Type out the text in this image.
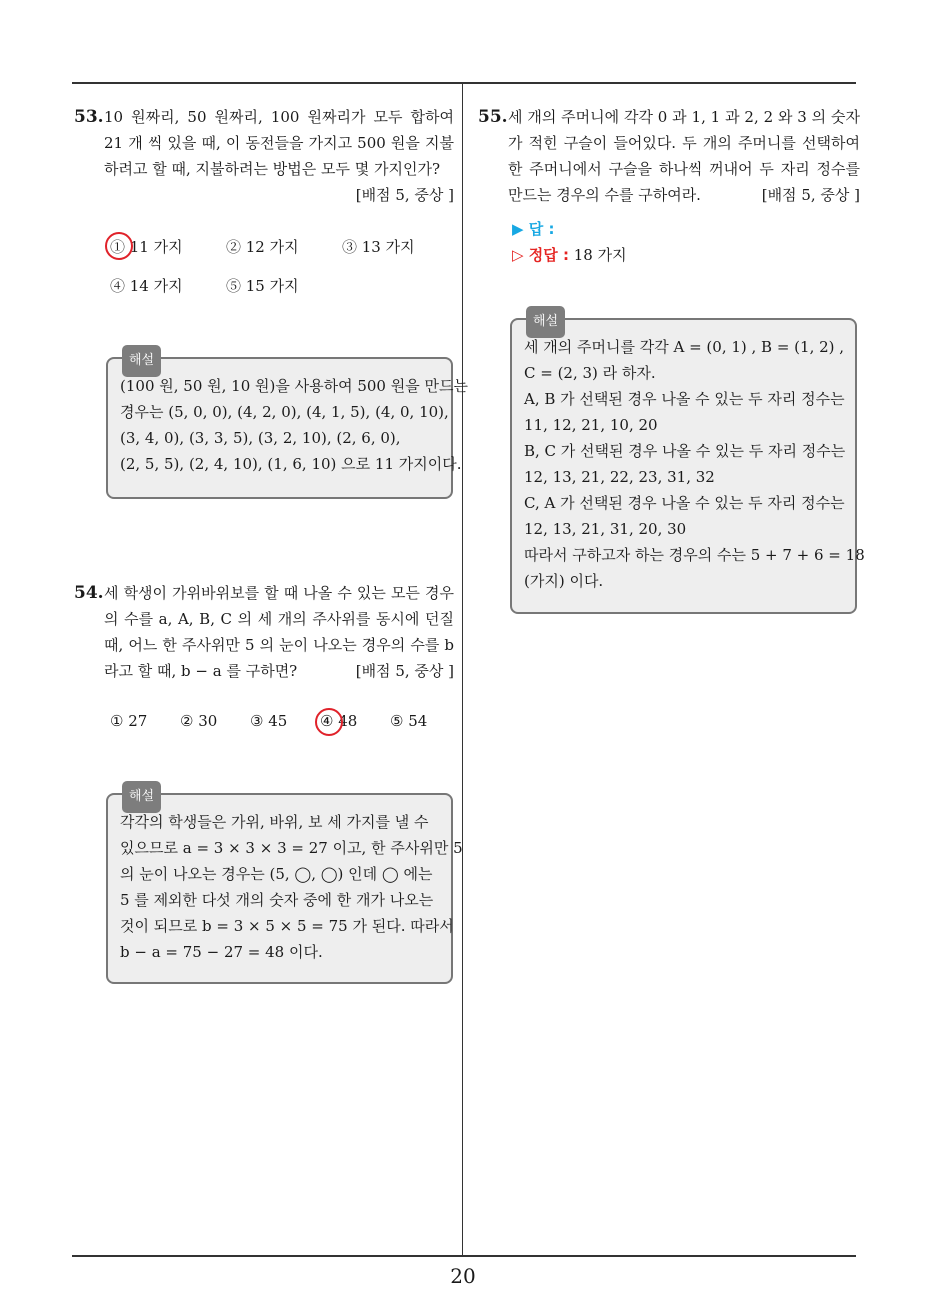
53. 10 원짜리, 50 원짜리, 100 원짜리가 모두 합하여 21 개 씩 있을 때, 이 동전들을 가지고 500 원을 지불하려고 할 때, 지불하려는 방법은 모두 몇 가지인가?
[배점 5, 중상 ]
① 11 가지	② 12 가지	③ 13 가지
④ 14 가지	⑤ 15 가지
해설
(100 원, 50 원, 10 원)을 사용하여 500 원을 만드는
경우는 (5, 0, 0), (4, 2, 0), (4, 1, 5), (4, 0, 10),
(3, 4, 0), (3, 3, 5), (3, 2, 10), (2, 6, 0),
(2, 5, 5), (2, 4, 10), (1, 6, 10) 으로 11 가지이다.
54. 세 학생이 가위바위보를 할 때 나올 수 있는 모든 경우의 수를 a, A, B, C 의 세 개의 주사위를 동시에 던질 때, 어느 한 주사위만 5 의 눈이 나오는 경우의 수를 b 라고 할 때, b − a 를 구하면?	[배점 5, 중상 ]
① 27 ② 30 ③ 45 ④ 48 ⑤ 54
해설
각각의 학생들은 가위, 바위, 보 세 가지를 낼 수
있으므로 a = 3 × 3 × 3 = 27 이고, 한 주사위만 5
의 눈이 나오는 경우는 (5, ◯, ◯) 인데 ◯ 에는
5 를 제외한 다섯 개의 숫자 중에 한 개가 나오는
것이 되므로 b = 3 × 5 × 5 = 75 가 된다. 따라서
b − a = 75 − 27 = 48 이다.
55. 세 개의 주머니에 각각 0 과 1, 1 과 2, 2 와 3 의 숫자가 적힌 구슬이 들어있다. 두 개의 주머니를 선택하여 한 주머니에서 구슬을 하나씩 꺼내어 두 자리 정수를 만드는 경우의 수를 구하여라.	[배점 5, 중상 ]
▶ 답 :
▷ 정답 : 18 가지
해설
세 개의 주머니를 각각 A = (0, 1) , B = (1, 2) ,
C = (2, 3) 라 하자.
A, B 가 선택된 경우 나올 수 있는 두 자리 정수는
11, 12, 21, 10, 20
B, C 가 선택된 경우 나올 수 있는 두 자리 정수는
12, 13, 21, 22, 23, 31, 32
C, A 가 선택된 경우 나올 수 있는 두 자리 정수는
12, 13, 21, 31, 20, 30
따라서 구하고자 하는 경우의 수는 5 + 7 + 6 = 18
(가지) 이다.
20
